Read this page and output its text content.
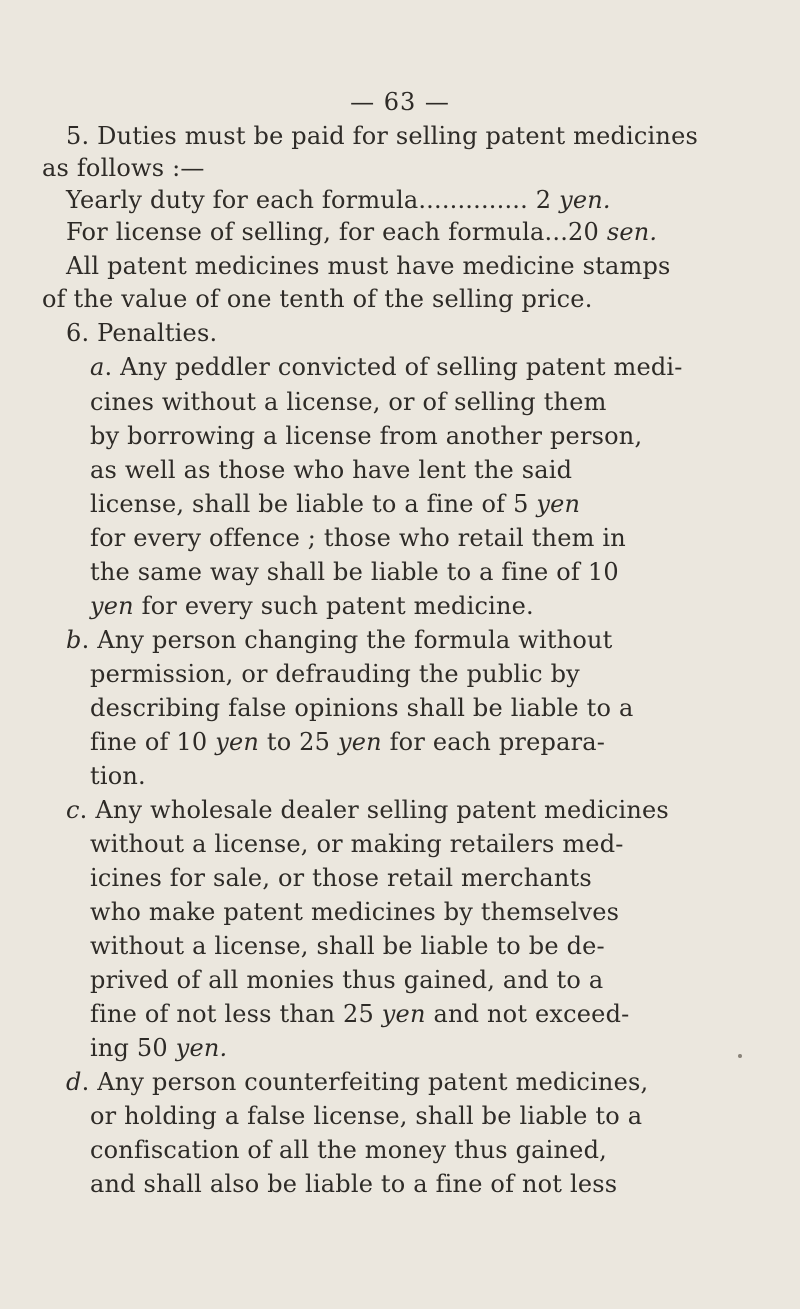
— 63 —
5. Duties must be paid for selling patent medicines
as follows :—
Yearly duty for each formula.............. 2 yen.
For license of selling, for each formula...20 sen.
All patent medicines must have medicine stamps
of the value of one tenth of the selling price.
6. Penalties.
a. Any peddler convicted of selling patent medi-
cines without a license, or of selling them
by borrowing a license from another person,
as well as those who have lent the said
license, shall be liable to a fine of 5 yen
for every offence ; those who retail them in
the same way shall be liable to a fine of 10
yen for every such patent medicine.
b. Any person changing the formula without
permission, or defrauding the public by
describing false opinions shall be liable to a
fine of 10 yen to 25 yen for each prepara-
tion.
c. Any wholesale dealer selling patent medicines
without a license, or making retailers med-
icines for sale, or those retail merchants
who make patent medicines by themselves
without a license, shall be liable to be de-
prived of all monies thus gained, and to a
fine of not less than 25 yen and not exceed-
ing 50 yen.
d. Any person counterfeiting patent medicines,
or holding a false license, shall be liable to a
confiscation of all the money thus gained,
and shall also be liable to a fine of not less
